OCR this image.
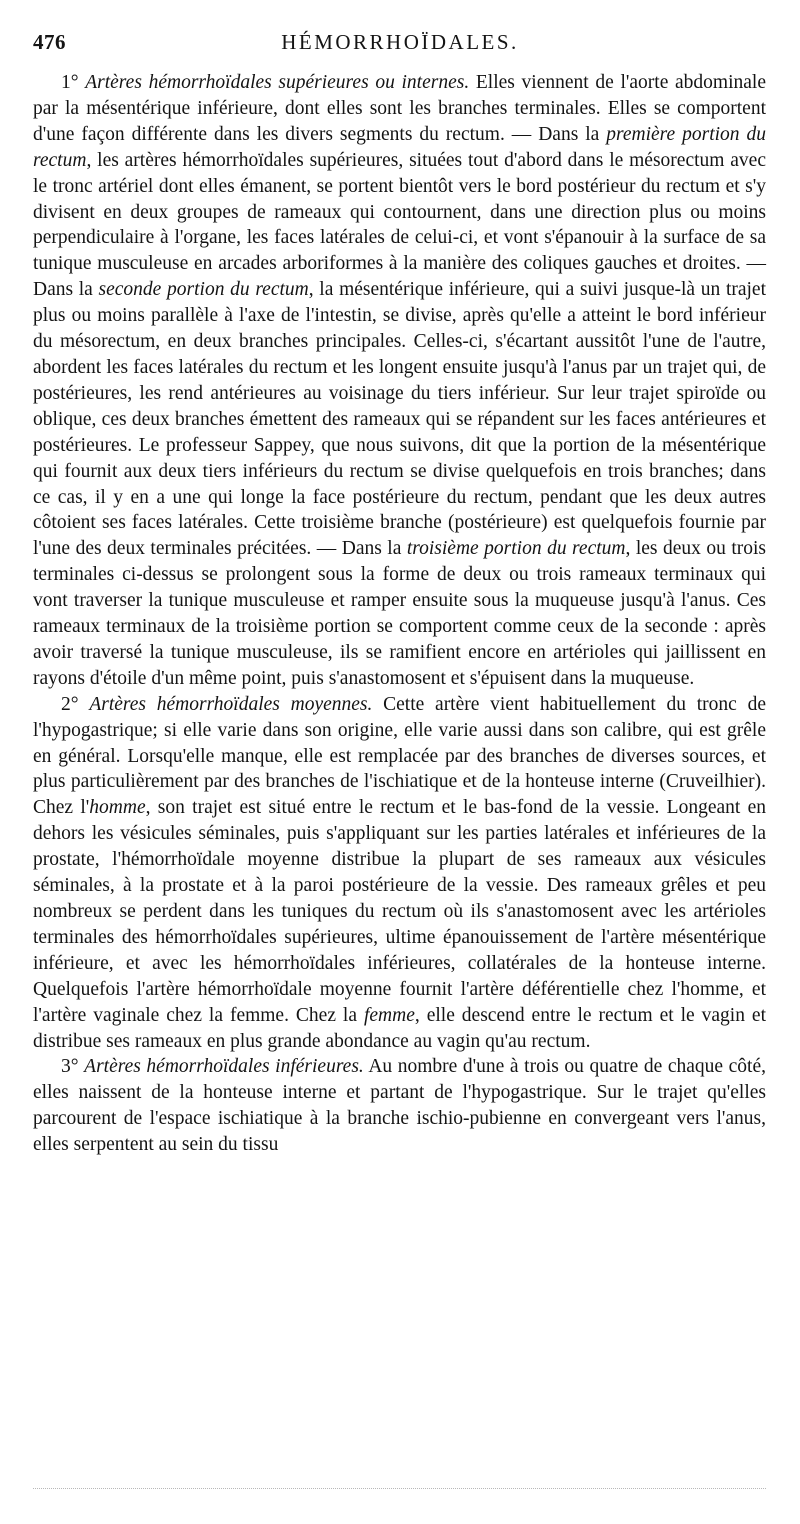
476	HÉMORRHOÏDALES.

1° Artères hémorrhoïdales supérieures ou internes. Elles viennent de l'aorte abdominale par la mésentérique inférieure, dont elles sont les branches terminales. Elles se comportent d'une façon différente dans les divers segments du rectum. — Dans la première portion du rectum, les artères hémorrhoïdales supérieures, situées tout d'abord dans le mésorectum avec le tronc artériel dont elles émanent, se portent bientôt vers le bord postérieur du rectum et s'y divisent en deux groupes de rameaux qui contournent, dans une direction plus ou moins perpendiculaire à l'organe, les faces latérales de celui-ci, et vont s'épanouir à la surface de sa tunique musculeuse en arcades arboriformes à la manière des coliques gauches et droites. — Dans la seconde portion du rectum, la mésentérique inférieure, qui a suivi jusque-là un trajet plus ou moins parallèle à l'axe de l'intestin, se divise, après qu'elle a atteint le bord inférieur du mésorectum, en deux branches principales. Celles-ci, s'écartant aussitôt l'une de l'autre, abordent les faces latérales du rectum et les longent ensuite jusqu'à l'anus par un trajet qui, de postérieures, les rend antérieures au voisinage du tiers inférieur. Sur leur trajet spiroïde ou oblique, ces deux branches émettent des rameaux qui se répandent sur les faces antérieures et postérieures. Le professeur Sappey, que nous suivons, dit que la portion de la mésentérique qui fournit aux deux tiers inférieurs du rectum se divise quelquefois en trois branches; dans ce cas, il y en a une qui longe la face postérieure du rectum, pendant que les deux autres côtoient ses faces latérales. Cette troisième branche (postérieure) est quelquefois fournie par l'une des deux terminales précitées. — Dans la troisième portion du rectum, les deux ou trois terminales ci-dessus se prolongent sous la forme de deux ou trois rameaux terminaux qui vont traverser la tunique musculeuse et ramper ensuite sous la muqueuse jusqu'à l'anus. Ces rameaux terminaux de la troisième portion se comportent comme ceux de la seconde : après avoir traversé la tunique musculeuse, ils se ramifient encore en artérioles qui jaillissent en rayons d'étoile d'un même point, puis s'anastomosent et s'épuisent dans la muqueuse.

2° Artères hémorrhoïdales moyennes. Cette artère vient habituellement du tronc de l'hypogastrique; si elle varie dans son origine, elle varie aussi dans son calibre, qui est grêle en général. Lorsqu'elle manque, elle est remplacée par des branches de diverses sources, et plus particulièrement par des branches de l'ischiatique et de la honteuse interne (Cruveilhier). Chez l'homme, son trajet est situé entre le rectum et le bas-fond de la vessie. Longeant en dehors les vésicules séminales, puis s'appliquant sur les parties latérales et inférieures de la prostate, l'hémorrhoïdale moyenne distribue la plupart de ses rameaux aux vésicules séminales, à la prostate et à la paroi postérieure de la vessie. Des rameaux grêles et peu nombreux se perdent dans les tuniques du rectum où ils s'anastomosent avec les artérioles terminales des hémorrhoïdales supérieures, ultime épanouissement de l'artère mésentérique inférieure, et avec les hémorrhoïdales inférieures, collatérales de la honteuse interne. Quelquefois l'artère hémorrhoïdale moyenne fournit l'artère déférentielle chez l'homme, et l'artère vaginale chez la femme. Chez la femme, elle descend entre le rectum et le vagin et distribue ses rameaux en plus grande abondance au vagin qu'au rectum.

3° Artères hémorrhoïdales inférieures. Au nombre d'une à trois ou quatre de chaque côté, elles naissent de la honteuse interne et partant de l'hypogastrique. Sur le trajet qu'elles parcourent de l'espace ischiatique à la branche ischio-pubienne en convergeant vers l'anus, elles serpentent au sein du tissu
